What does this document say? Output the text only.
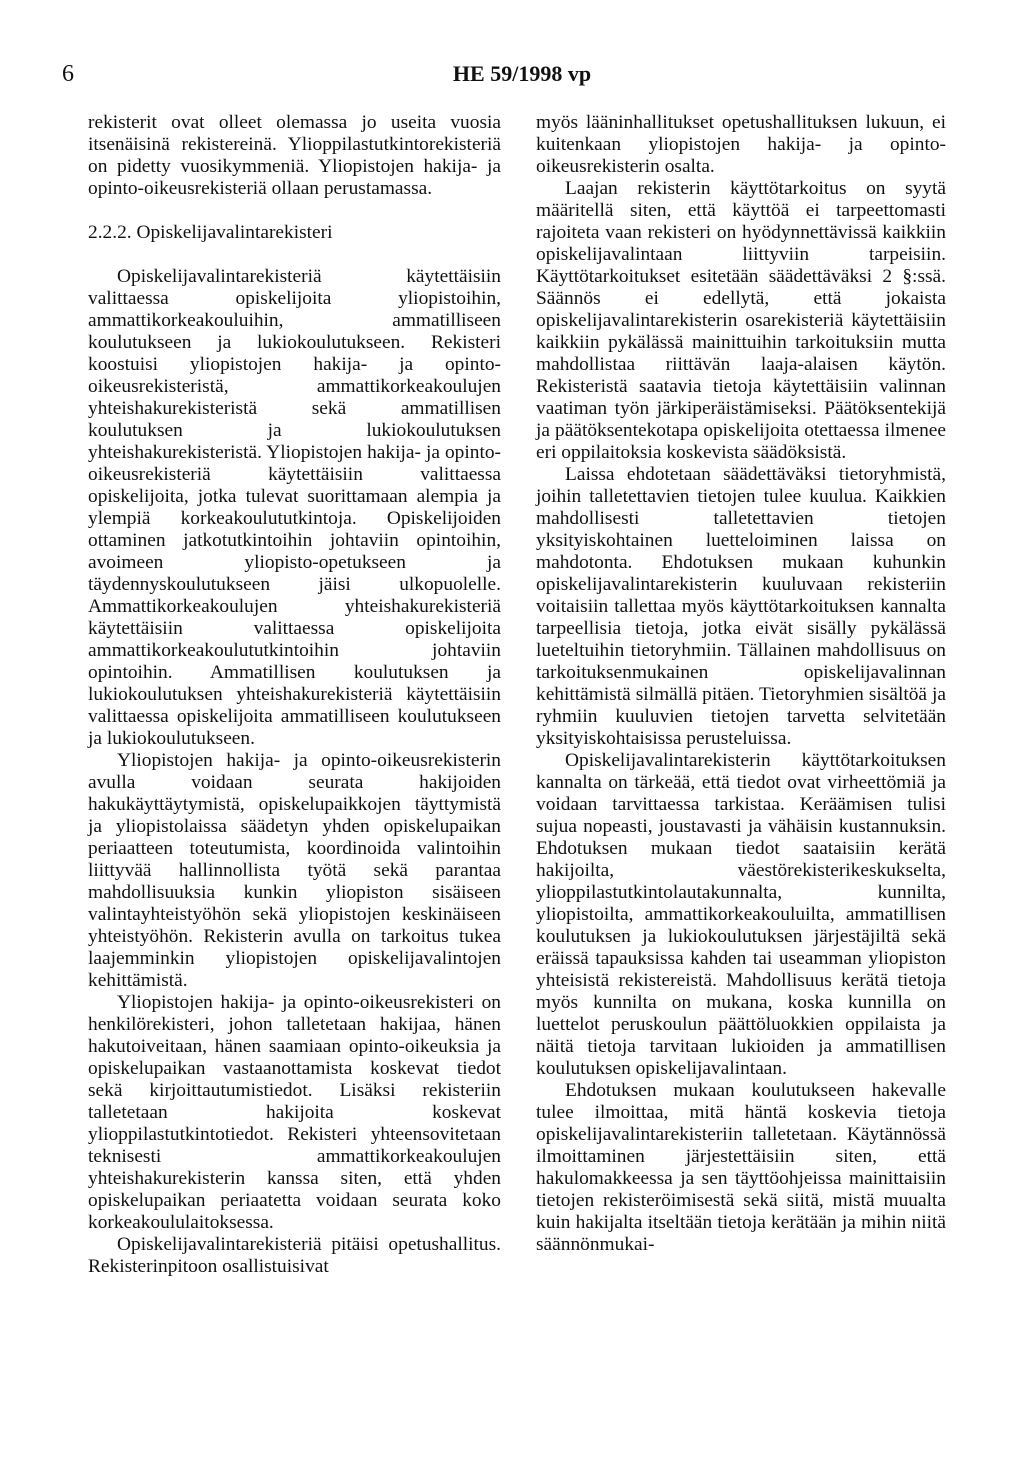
6	HE 59/1998 vp

rekisterit ovat olleet olemassa jo useita vuosia itsenäisinä rekistereinä. Ylioppilastutkintorekisteriä on pidetty vuosikymmeniä. Yliopistojen hakija- ja opinto-oikeusrekisteriä ollaan perustamassa.

2.2.2. Opiskelijavalintarekisteri

Opiskelijavalintarekisteriä käytettäisiin valittaessa opiskelijoita yliopistoihin, ammattikorkeakouluihin, ammatilliseen koulutukseen ja lukiokoulutukseen. Rekisteri koostuisi yliopistojen hakija- ja opinto-oikeusrekisteristä, ammattikorkeakoulujen yhteishakurekisteristä sekä ammatillisen koulutuksen ja lukiokoulutuksen yhteishakurekisteristä. Yliopistojen hakija- ja opinto-oikeusrekisteriä käytettäisiin valittaessa opiskelijoita, jotka tulevat suorittamaan alempia ja ylempiä korkeakoulututkintoja. Opiskelijoiden ottaminen jatkotutkintoihin johtaviin opintoihin, avoimeen yliopisto-opetukseen ja täydennyskoulutukseen jäisi ulkopuolelle. Ammattikorkeakoulujen yhteishakurekisteriä käytettäisiin valittaessa opiskelijoita ammattikorkeakoulututkintoihin johtaviin opintoihin. Ammatillisen koulutuksen ja lukiokoulutuksen yhteishakurekisteriä käytettäisiin valittaessa opiskelijoita ammatilliseen koulutukseen ja lukiokoulutukseen.

Yliopistojen hakija- ja opinto-oikeusrekisterin avulla voidaan seurata hakijoiden hakukäyttäytymistä, opiskelupaikkojen täyttymistä ja yliopistolaissa säädetyn yhden opiskelupaikan periaatteen toteutumista, koordinoida valintoihin liittyvää hallinnollista työtä sekä parantaa mahdollisuuksia kunkin yliopiston sisäiseen valintayhteistyöhön sekä yliopistojen keskinäiseen yhteistyöhön. Rekisterin avulla on tarkoitus tukea laajemminkin yliopistojen opiskelijavalintojen kehittämistä.

Yliopistojen hakija- ja opinto-oikeusrekisteri on henkilörekisteri, johon talletetaan hakijaa, hänen hakutoiveitaan, hänen saamiaan opinto-oikeuksia ja opiskelupaikan vastaanottamista koskevat tiedot sekä kirjoittautumistiedot. Lisäksi rekisteriin talletetaan hakijoita koskevat ylioppilastutkintotiedot. Rekisteri yhteensovitetaan teknisesti ammattikorkeakoulujen yhteishakurekisterin kanssa siten, että yhden opiskelupaikan periaatetta voidaan seurata koko korkeakoululaitoksessa.

Opiskelijavalintarekisteriä pitäisi opetushallitus. Rekisterinpitoon osallistuisivat

myös lääninhallitukset opetushallituksen lukuun, ei kuitenkaan yliopistojen hakija- ja opinto-oikeusrekisterin osalta.

Laajan rekisterin käyttötarkoitus on syytä määritellä siten, että käyttöä ei tarpeettomasti rajoiteta vaan rekisteri on hyödynnettävissä kaikkiin opiskelijavalintaan liittyviin tarpeisiin. Käyttötarkoitukset esitetään säädettäväksi 2 §:ssä. Säännös ei edellytä, että jokaista opiskelijavalintarekisterin osarekisteriä käytettäisiin kaikkiin pykälässä mainittuihin tarkoituksiin mutta mahdollistaa riittävän laaja-alaisen käytön. Rekisteristä saatavia tietoja käytettäisiin valinnan vaatiman työn järkiperäistämiseksi. Päätöksentekijä ja päätöksentekotapa opiskelijoita otettaessa ilmenee eri oppilaitoksia koskevista säädöksistä.

Laissa ehdotetaan säädettäväksi tietoryhmistä, joihin talletettavien tietojen tulee kuulua. Kaikkien mahdollisesti talletettavien tietojen yksityiskohtainen luetteloiminen laissa on mahdotonta. Ehdotuksen mukaan kuhunkin opiskelijavalintarekisterin kuuluvaan rekisteriin voitaisiin tallettaa myös käyttötarkoituksen kannalta tarpeellisia tietoja, jotka eivät sisälly pykälässä lueteltuihin tietoryhmiin. Tällainen mahdollisuus on tarkoituksenmukainen opiskelijavalinnan kehittämistä silmällä pitäen. Tietoryhmien sisältöä ja ryhmiin kuuluvien tietojen tarvetta selvitetään yksityiskohtaisissa perusteluissa.

Opiskelijavalintarekisterin käyttötarkoituksen kannalta on tärkeää, että tiedot ovat virheettömiä ja voidaan tarvittaessa tarkistaa. Keräämisen tulisi sujua nopeasti, joustavasti ja vähäisin kustannuksin. Ehdotuksen mukaan tiedot saataisiin kerätä hakijoilta, väestörekisterikeskukselta, ylioppilastutkintolautakunnalta, kunnilta, yliopistoilta, ammattikorkeakouluilta, ammatillisen koulutuksen ja lukiokoulutuksen järjestäjiltä sekä eräissä tapauksissa kahden tai useamman yliopiston yhteisistä rekistereistä. Mahdollisuus kerätä tietoja myös kunnilta on mukana, koska kunnilla on luettelot peruskoulun päättöluokkien oppilaista ja näitä tietoja tarvitaan lukioiden ja ammatillisen koulutuksen opiskelijavalintaan.

Ehdotuksen mukaan koulutukseen hakevalle tulee ilmoittaa, mitä häntä koskevia tietoja opiskelijavalintarekisteriin talletetaan. Käytännössä ilmoittaminen järjestettäisiin siten, että hakulomakkeessa ja sen täyttöohjeissa mainittaisiin tietojen rekisteröimisestä sekä siitä, mistä muualta kuin hakijalta itseltään tietoja kerätään ja mihin niitä säännönmukai-
